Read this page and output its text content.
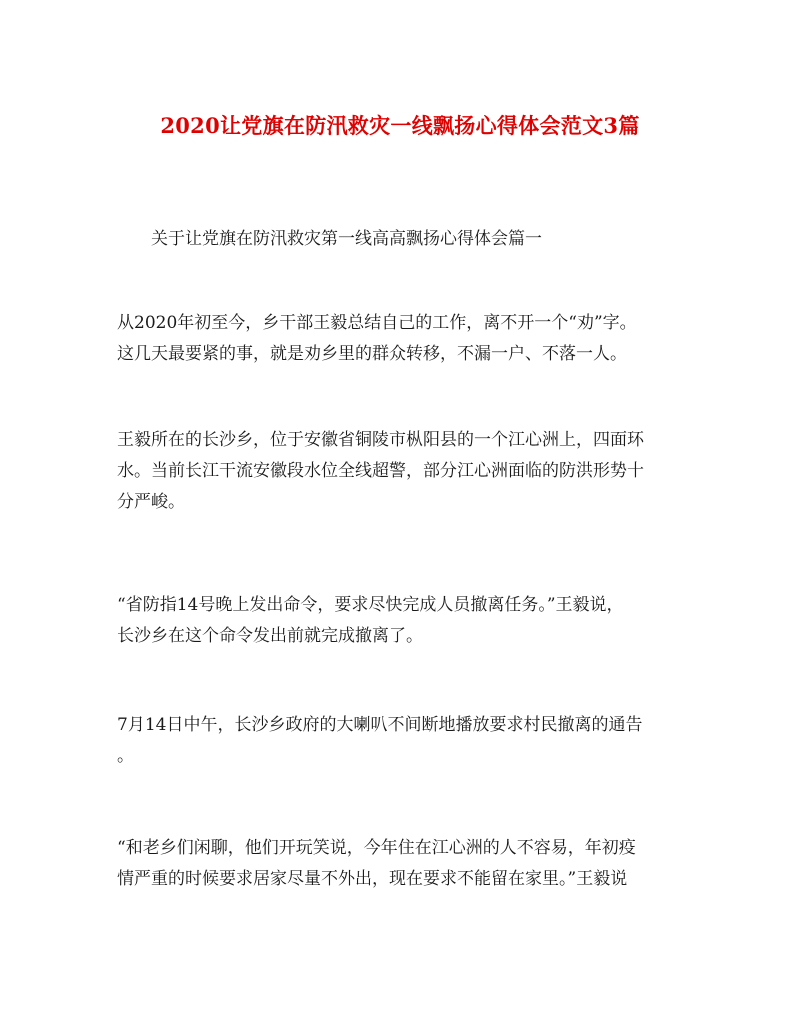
2020让党旗在防汛救灾一线飘扬心得体会范文3篇
关于让党旗在防汛救灾第一线高高飘扬心得体会篇一

从2020年初至今，乡干部王毅总结自己的工作，离不开一个“劝”字。
这几天最要紧的事，就是劝乡里的群众转移，不漏一户、不落一人。

王毅所在的长沙乡，位于安徽省铜陵市枞阳县的一个江心洲上，四面环
水。当前长江干流安徽段水位全线超警，部分江心洲面临的防洪形势十
分严峻。

“省防指14号晚上发出命令，要求尽快完成人员撤离任务。”王毅说，
长沙乡在这个命令发出前就完成撤离了。

7月14日中午，长沙乡政府的大喇叭不间断地播放要求村民撤离的通告
。

“和老乡们闲聊，他们开玩笑说，今年住在江心洲的人不容易，年初疫
情严重的时候要求居家尽量不外出，现在要求不能留在家里。”王毅说
